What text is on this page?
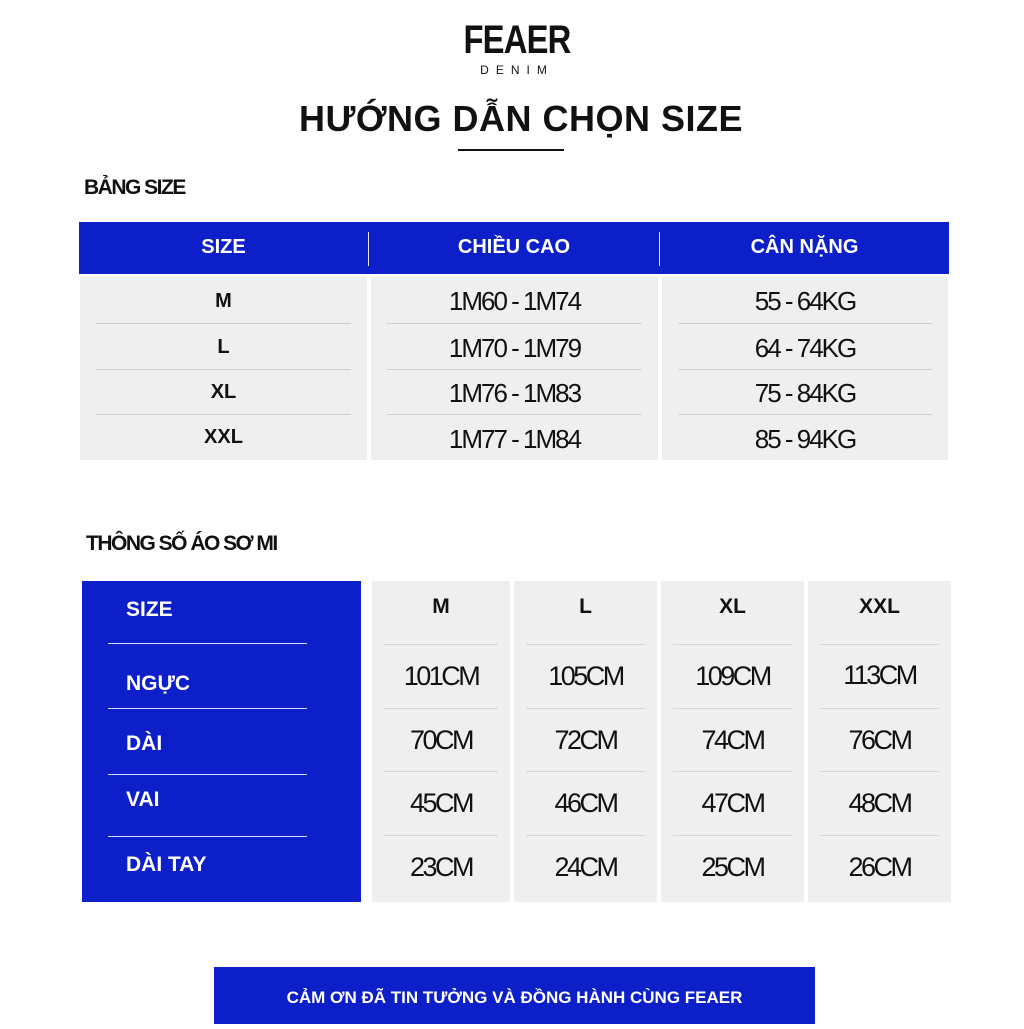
FEAER
DENIM
HƯỚNG DẪN CHỌN SIZE
BẢNG SIZE
SIZE	CHIỀU CAO	CÂN NẶNG
M
L
XL
XXL
1M60 - 1M74
1M70 - 1M79
1M76 - 1M83
1M77 - 1M84
55 - 64KG
64 - 74KG
75 - 84KG
85 - 94KG
THÔNG SỐ ÁO SƠ MI
SIZE
NGỰC
DÀI
VAI
DÀI TAY
M
101CM
70CM
45CM
23CM
L
105CM
72CM
46CM
24CM
XL
109CM
74CM
47CM
25CM
XXL
113CM
76CM
48CM
26CM
CẢM ƠN ĐÃ TIN TƯỞNG VÀ ĐỒNG HÀNH CÙNG FEAER
